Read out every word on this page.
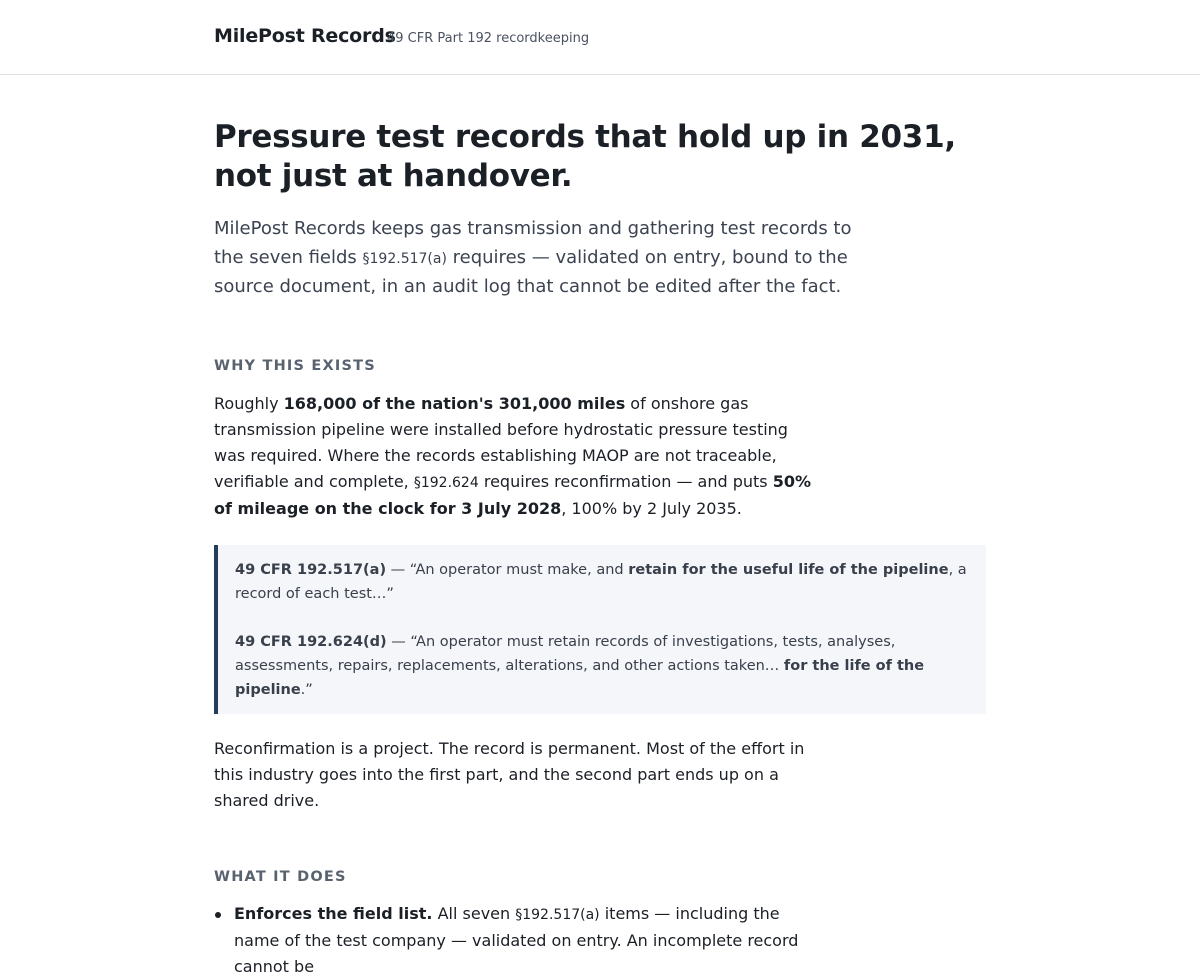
MilePost Records
49 CFR Part 192 recordkeeping
Pressure test records that hold up in 2031, not just at handover.

MilePost Records keeps gas transmission and gathering test records to the seven fields §192.517(a) requires — validated on entry, bound to the source document, in an audit log that cannot be edited after the fact.

WHY THIS EXISTS

Roughly 168,000 of the nation's 301,000 miles of onshore gas transmission pipeline were installed before hydrostatic pressure testing was required. Where the records establishing MAOP are not traceable, verifiable and complete, §192.624 requires reconfirmation — and puts 50% of mileage on the clock for 3 July 2028, 100% by 2 July 2035.

49 CFR 192.517(a) — “An operator must make, and retain for the useful life of the pipeline, a record of each test…”

49 CFR 192.624(d) — “An operator must retain records of investigations, tests, analyses, assessments, repairs, replacements, alterations, and other actions taken… for the life of the pipeline.”

Reconfirmation is a project. The record is permanent. Most of the effort in this industry goes into the first part, and the second part ends up on a shared drive.

WHAT IT DOES
Enforces the field list. All seven §192.517(a) items — including the name of the test company — validated on entry. An incomplete record cannot be
